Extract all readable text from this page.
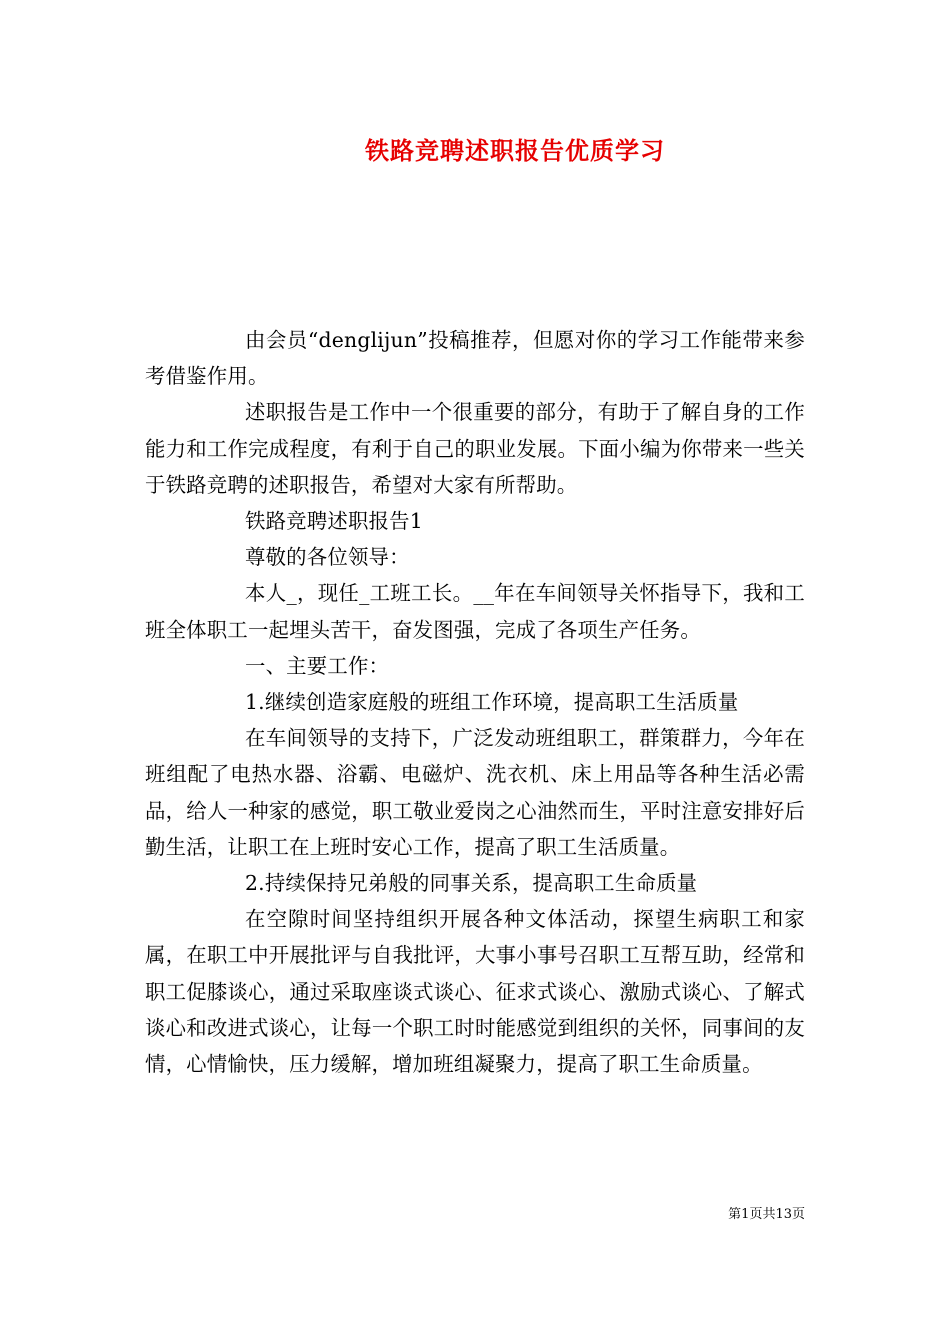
铁路竞聘述职报告优质学习

由会员“denglijun”投稿推荐，但愿对你的学习工作能带来参考借鉴作用。

述职报告是工作中一个很重要的部分，有助于了解自身的工作能力和工作完成程度，有利于自己的职业发展。下面小编为你带来一些关于铁路竞聘的述职报告，希望对大家有所帮助。

铁路竞聘述职报告1

尊敬的各位领导：

本人_，现任_工班工长。__年在车间领导关怀指导下，我和工班全体职工一起埋头苦干，奋发图强，完成了各项生产任务。

一、主要工作：

1.继续创造家庭般的班组工作环境，提高职工生活质量

在车间领导的支持下，广泛发动班组职工，群策群力，今年在班组配了电热水器、浴霸、电磁炉、洗衣机、床上用品等各种生活必需品，给人一种家的感觉，职工敬业爱岗之心油然而生，平时注意安排好后勤生活，让职工在上班时安心工作，提高了职工生活质量。

2.持续保持兄弟般的同事关系，提高职工生命质量

在空隙时间坚持组织开展各种文体活动，探望生病职工和家属，在职工中开展批评与自我批评，大事小事号召职工互帮互助，经常和职工促膝谈心，通过采取座谈式谈心、征求式谈心、激励式谈心、了解式谈心和改进式谈心，让每一个职工时时能感觉到组织的关怀，同事间的友情，心情愉快，压力缓解，增加班组凝聚力，提高了职工生命质量。

第1页共13页
